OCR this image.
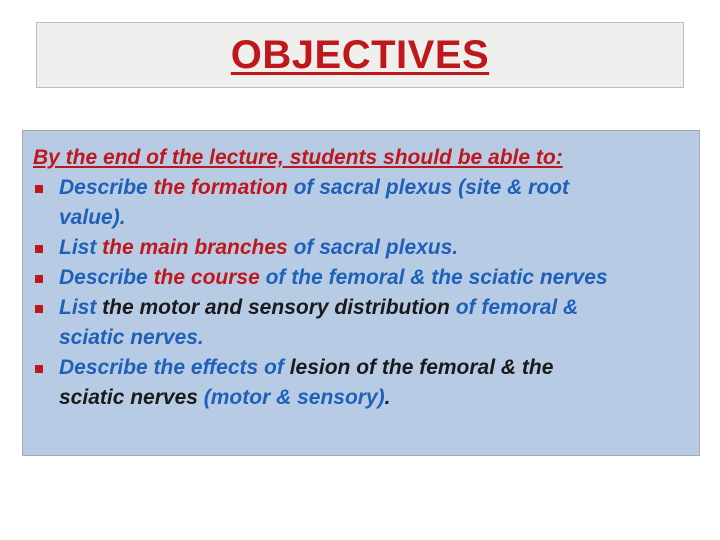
OBJECTIVES
By the end of the lecture, students should be able to:
Describe the formation of sacral plexus (site & root
value).
List the main branches of sacral plexus.
Describe the course of the femoral & the sciatic nerves
List the motor and sensory distribution of femoral &
sciatic nerves.
Describe the effects of lesion of the femoral & the
sciatic nerves (motor & sensory).
